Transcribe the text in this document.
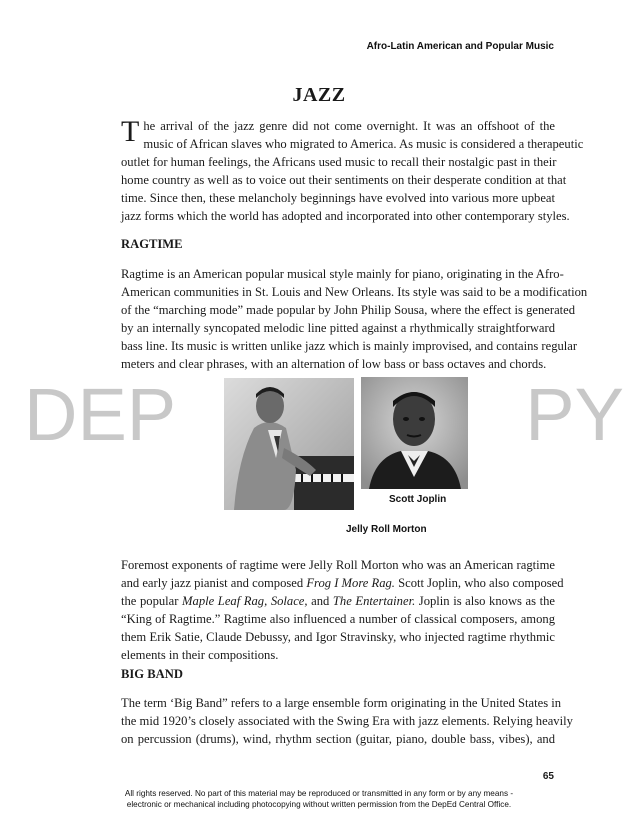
Afro-Latin American and Popular Music
JAZZ
T he arrival of the jazz genre did not come overnight. It was an offshoot of the
music of African slaves who migrated to America. As music is considered a therapeutic
outlet for human feelings, the Africans used music to recall their nostalgic past in their
home country as well as to voice out their sentiments on their desperate condition at that
time. Since then, these melancholy beginnings have evolved into various more upbeat
jazz forms which the world has adopted and incorporated into other contemporary styles.
RAGTIME
Ragtime is an American popular musical style mainly for piano, originating in the Afro-
American communities in St. Louis and New Orleans. Its style was said to be a modification
of the “marching mode” made popular by John Philip Sousa, where the effect is generated
by an internally syncopated melodic line pitted against a rhythmically straightforward
bass line. Its music is written unlike jazz which is mainly improvised, and contains regular
meters and clear phrases, with an alternation of low bass or bass octaves and chords.
DEP	PY
Scott Joplin
Jelly Roll Morton
Foremost exponents of ragtime were Jelly Roll Morton who was an American ragtime
and early jazz pianist and composed Frog I More Rag. Scott Joplin, who also composed
the popular Maple Leaf Rag, Solace, and The Entertainer. Joplin is also knows as the
“King of Ragtime.” Ragtime also influenced a number of classical composers, among
them Erik Satie, Claude Debussy, and Igor Stravinsky, who injected ragtime rhythmic
elements in their compositions.
BIG BAND
The term ‘Big Band” refers to a large ensemble form originating in the United States in
the mid 1920’s closely associated with the Swing Era with jazz elements. Relying heavily
on percussion (drums), wind, rhythm section (guitar, piano, double bass, vibes), and
65
All rights reserved. No part of this material may be reproduced or transmitted in any form or by any means -
electronic or mechanical including photocopying without written permission from the DepEd Central Office.
